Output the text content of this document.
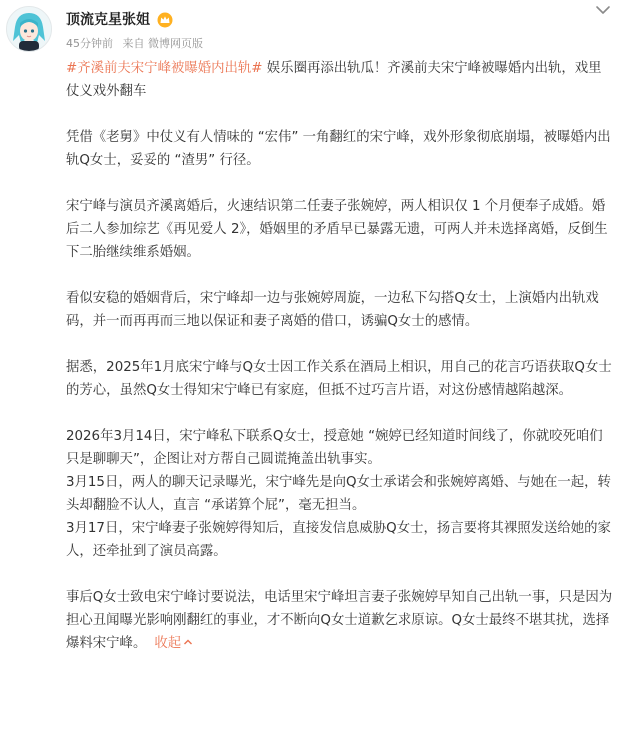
顶流克星张姐
45分钟前 来自 微博网页版

#齐溪前夫宋宁峰被曝婚内出轨# 娱乐圈再添出轨瓜！齐溪前夫宋宁峰被曝婚内出轨，戏里仗义戏外翻车

凭借《老舅》中仗义有人情味的 “宏伟” 一角翻红的宋宁峰，戏外形象彻底崩塌，被曝婚内出轨Q女士，妥妥的 “渣男” 行径。

宋宁峰与演员齐溪离婚后，火速结识第二任妻子张婉婷，两人相识仅 1 个月便奉子成婚。婚后二人参加综艺《再见爱人 2》，婚姻里的矛盾早已暴露无遗，可两人并未选择离婚，反倒生下二胎继续维系婚姻。

看似安稳的婚姻背后，宋宁峰却一边与张婉婷周旋，一边私下勾搭Q女士，上演婚内出轨戏码，并一而再再而三地以保证和妻子离婚的借口，诱骗Q女士的感情。

据悉，2025年1月底宋宁峰与Q女士因工作关系在酒局上相识，用自己的花言巧语获取Q女士的芳心，虽然Q女士得知宋宁峰已有家庭，但抵不过巧言片语，对这份感情越陷越深。

2026年3月14日，宋宁峰私下联系Q女士，授意她 “婉婷已经知道时间线了，你就咬死咱们只是聊聊天”，企图让对方帮自己圆谎掩盖出轨事实。

3月15日，两人的聊天记录曝光，宋宁峰先是向Q女士承诺会和张婉婷离婚、与她在一起，转头却翻脸不认人，直言 “承诺算个屁”，毫无担当。

3月17日，宋宁峰妻子张婉婷得知后，直接发信息威胁Q女士，扬言要将其裸照发送给她的家人，还牵扯到了演员高露。

事后Q女士致电宋宁峰讨要说法，电话里宋宁峰坦言妻子张婉婷早知自己出轨一事，只是因为担心丑闻曝光影响刚翻红的事业，才不断向Q女士道歉乞求原谅。Q女士最终不堪其扰，选择爆料宋宁峰。 收起
